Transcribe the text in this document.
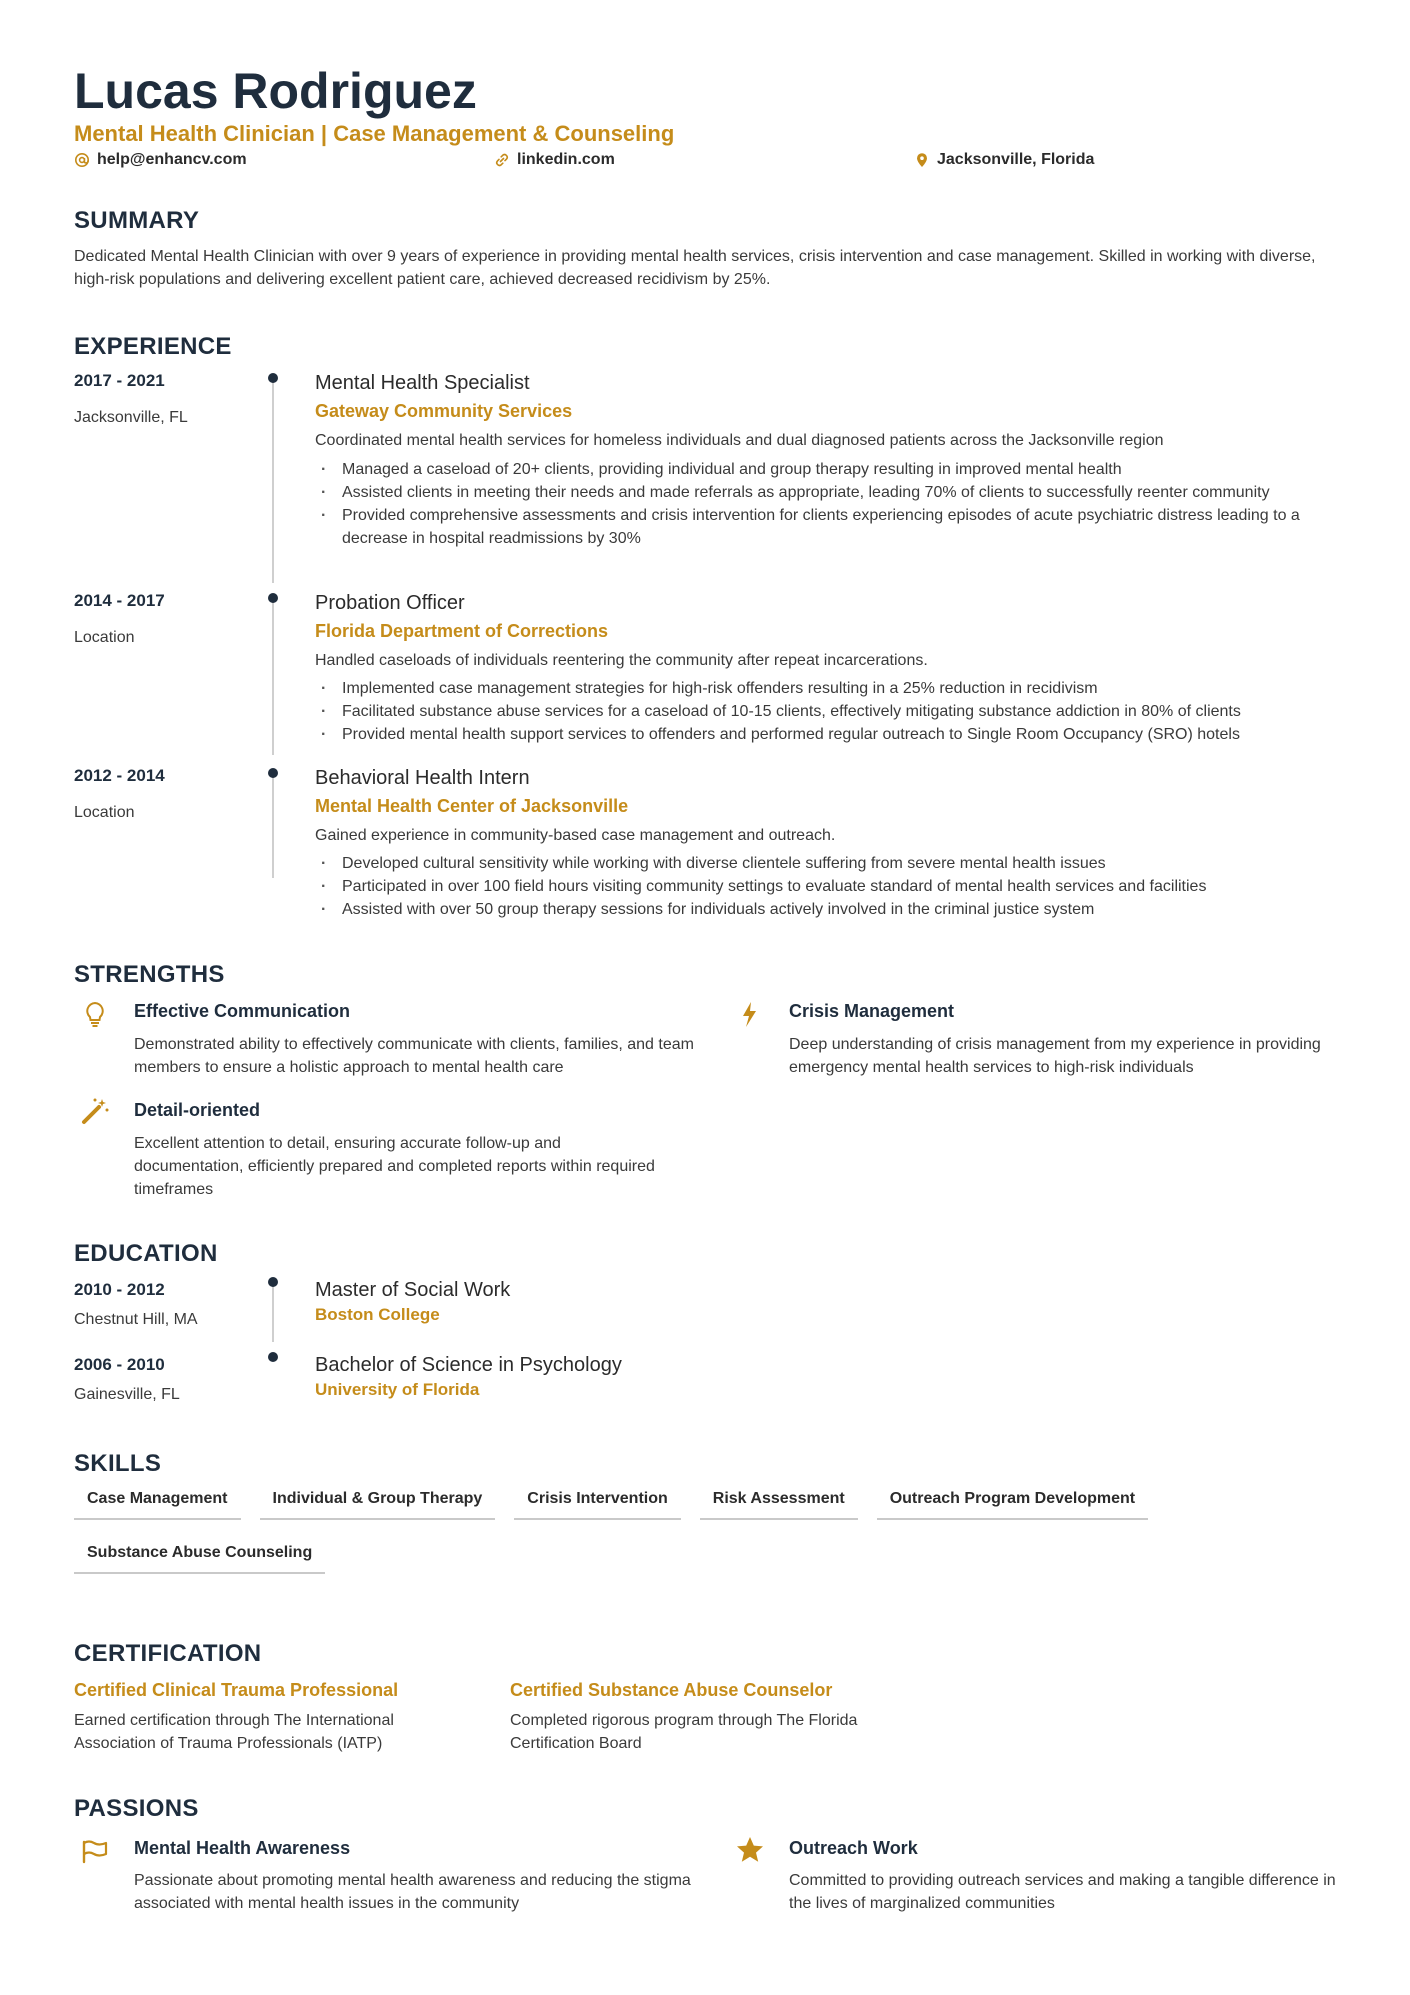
Lucas Rodriguez
Mental Health Clinician | Case Management & Counseling
help@enhancv.com	linkedin.com	Jacksonville, Florida
SUMMARY
Dedicated Mental Health Clinician with over 9 years of experience in providing mental health services, crisis intervention and case management. Skilled in working with diverse, high-risk populations and delivering excellent patient care, achieved decreased recidivism by 25%.
EXPERIENCE
2017 - 2021
Jacksonville, FL
Mental Health Specialist
Gateway Community Services
Coordinated mental health services for homeless individuals and dual diagnosed patients across the Jacksonville region
· Managed a caseload of 20+ clients, providing individual and group therapy resulting in improved mental health
· Assisted clients in meeting their needs and made referrals as appropriate, leading 70% of clients to successfully reenter community
· Provided comprehensive assessments and crisis intervention for clients experiencing episodes of acute psychiatric distress leading to a decrease in hospital readmissions by 30%
2014 - 2017
Location
Probation Officer
Florida Department of Corrections
Handled caseloads of individuals reentering the community after repeat incarcerations.
· Implemented case management strategies for high-risk offenders resulting in a 25% reduction in recidivism
· Facilitated substance abuse services for a caseload of 10-15 clients, effectively mitigating substance addiction in 80% of clients
· Provided mental health support services to offenders and performed regular outreach to Single Room Occupancy (SRO) hotels
2012 - 2014
Location
Behavioral Health Intern
Mental Health Center of Jacksonville
Gained experience in community-based case management and outreach.
· Developed cultural sensitivity while working with diverse clientele suffering from severe mental health issues
· Participated in over 100 field hours visiting community settings to evaluate standard of mental health services and facilities
· Assisted with over 50 group therapy sessions for individuals actively involved in the criminal justice system
STRENGTHS
Effective Communication
Demonstrated ability to effectively communicate with clients, families, and team members to ensure a holistic approach to mental health care
Crisis Management
Deep understanding of crisis management from my experience in providing emergency mental health services to high-risk individuals
Detail-oriented
Excellent attention to detail, ensuring accurate follow-up and documentation, efficiently prepared and completed reports within required timeframes
EDUCATION
2010 - 2012
Chestnut Hill, MA
Master of Social Work
Boston College
2006 - 2010
Gainesville, FL
Bachelor of Science in Psychology
University of Florida
SKILLS
Case Management	Individual & Group Therapy	Crisis Intervention	Risk Assessment	Outreach Program Development
Substance Abuse Counseling
CERTIFICATION
Certified Clinical Trauma Professional
Earned certification through The International Association of Trauma Professionals (IATP)
Certified Substance Abuse Counselor
Completed rigorous program through The Florida Certification Board
PASSIONS
Mental Health Awareness
Passionate about promoting mental health awareness and reducing the stigma associated with mental health issues in the community
Outreach Work
Committed to providing outreach services and making a tangible difference in the lives of marginalized communities
